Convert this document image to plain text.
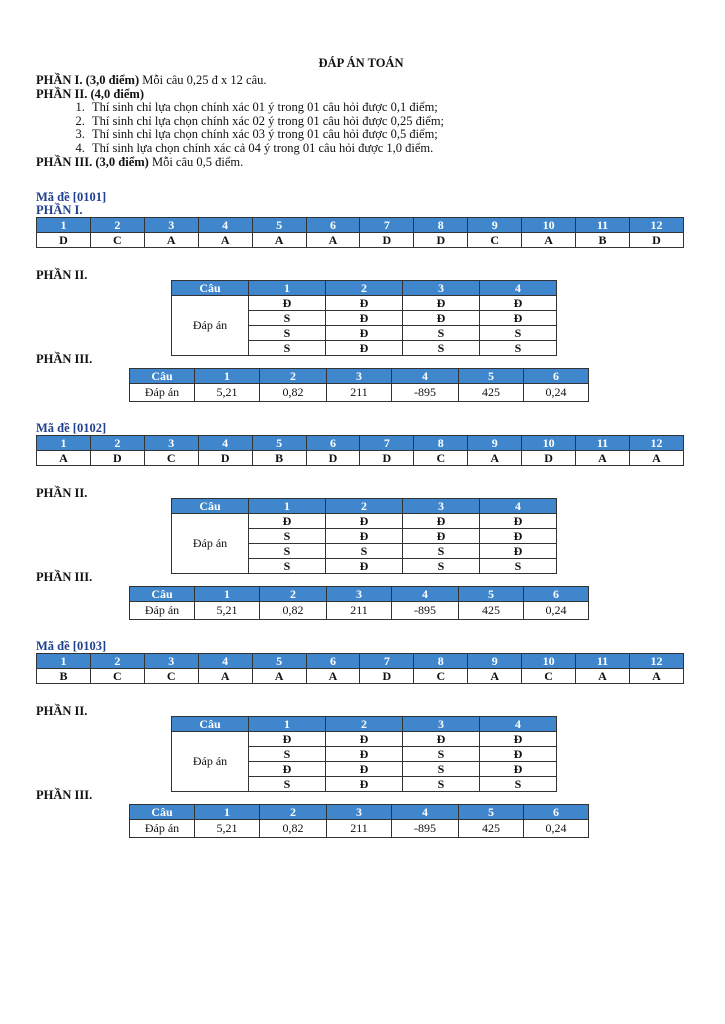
ĐÁP ÁN TOÁN
PHẦN I. (3,0 điểm) Mỗi câu 0,25 đ x 12 câu.
PHẦN II. (4,0 điểm)
1. Thí sinh chỉ lựa chọn chính xác 01 ý trong 01 câu hỏi được 0,1 điểm;
2. Thí sinh chỉ lựa chọn chính xác 02 ý trong 01 câu hỏi được 0,25 điểm;
3. Thí sinh chỉ lựa chọn chính xác 03 ý trong 01 câu hỏi được 0,5 điểm;
4. Thí sinh lựa chọn chính xác cả 04 ý trong 01 câu hỏi được 1,0 điểm.
PHẦN III. (3,0 điểm) Mỗi câu 0,5 điểm.
Mã đề [0101]
PHẦN I.
1	2	3	4	5	6	7	8	9	10	11	12
D	C	A	A	A	A	D	D	C	A	B	D
PHẦN II.
Câu	1	2	3	4
Đáp án	Đ	Đ	Đ	Đ
	S	Đ	Đ	Đ
	S	Đ	S	S
	S	Đ	S	S
PHẦN III.
Câu	1	2	3	4	5	6
Đáp án	5,21	0,82	211	-895	425	0,24
Mã đề [0102]
1	2	3	4	5	6	7	8	9	10	11	12
A	D	C	D	B	D	D	C	A	D	A	A
PHẦN II.
Câu	1	2	3	4
Đáp án	Đ	Đ	Đ	Đ
	S	Đ	Đ	Đ
	S	S	S	Đ
	S	Đ	S	S
PHẦN III.
Câu	1	2	3	4	5	6
Đáp án	5,21	0,82	211	-895	425	0,24
Mã đề [0103]
1	2	3	4	5	6	7	8	9	10	11	12
B	C	C	A	A	A	D	C	A	C	A	A
PHẦN II.
Câu	1	2	3	4
Đáp án	Đ	Đ	Đ	Đ
	S	Đ	S	Đ
	Đ	Đ	S	Đ
	S	Đ	S	S
PHẦN III.
Câu	1	2	3	4	5	6
Đáp án	5,21	0,82	211	-895	425	0,24
